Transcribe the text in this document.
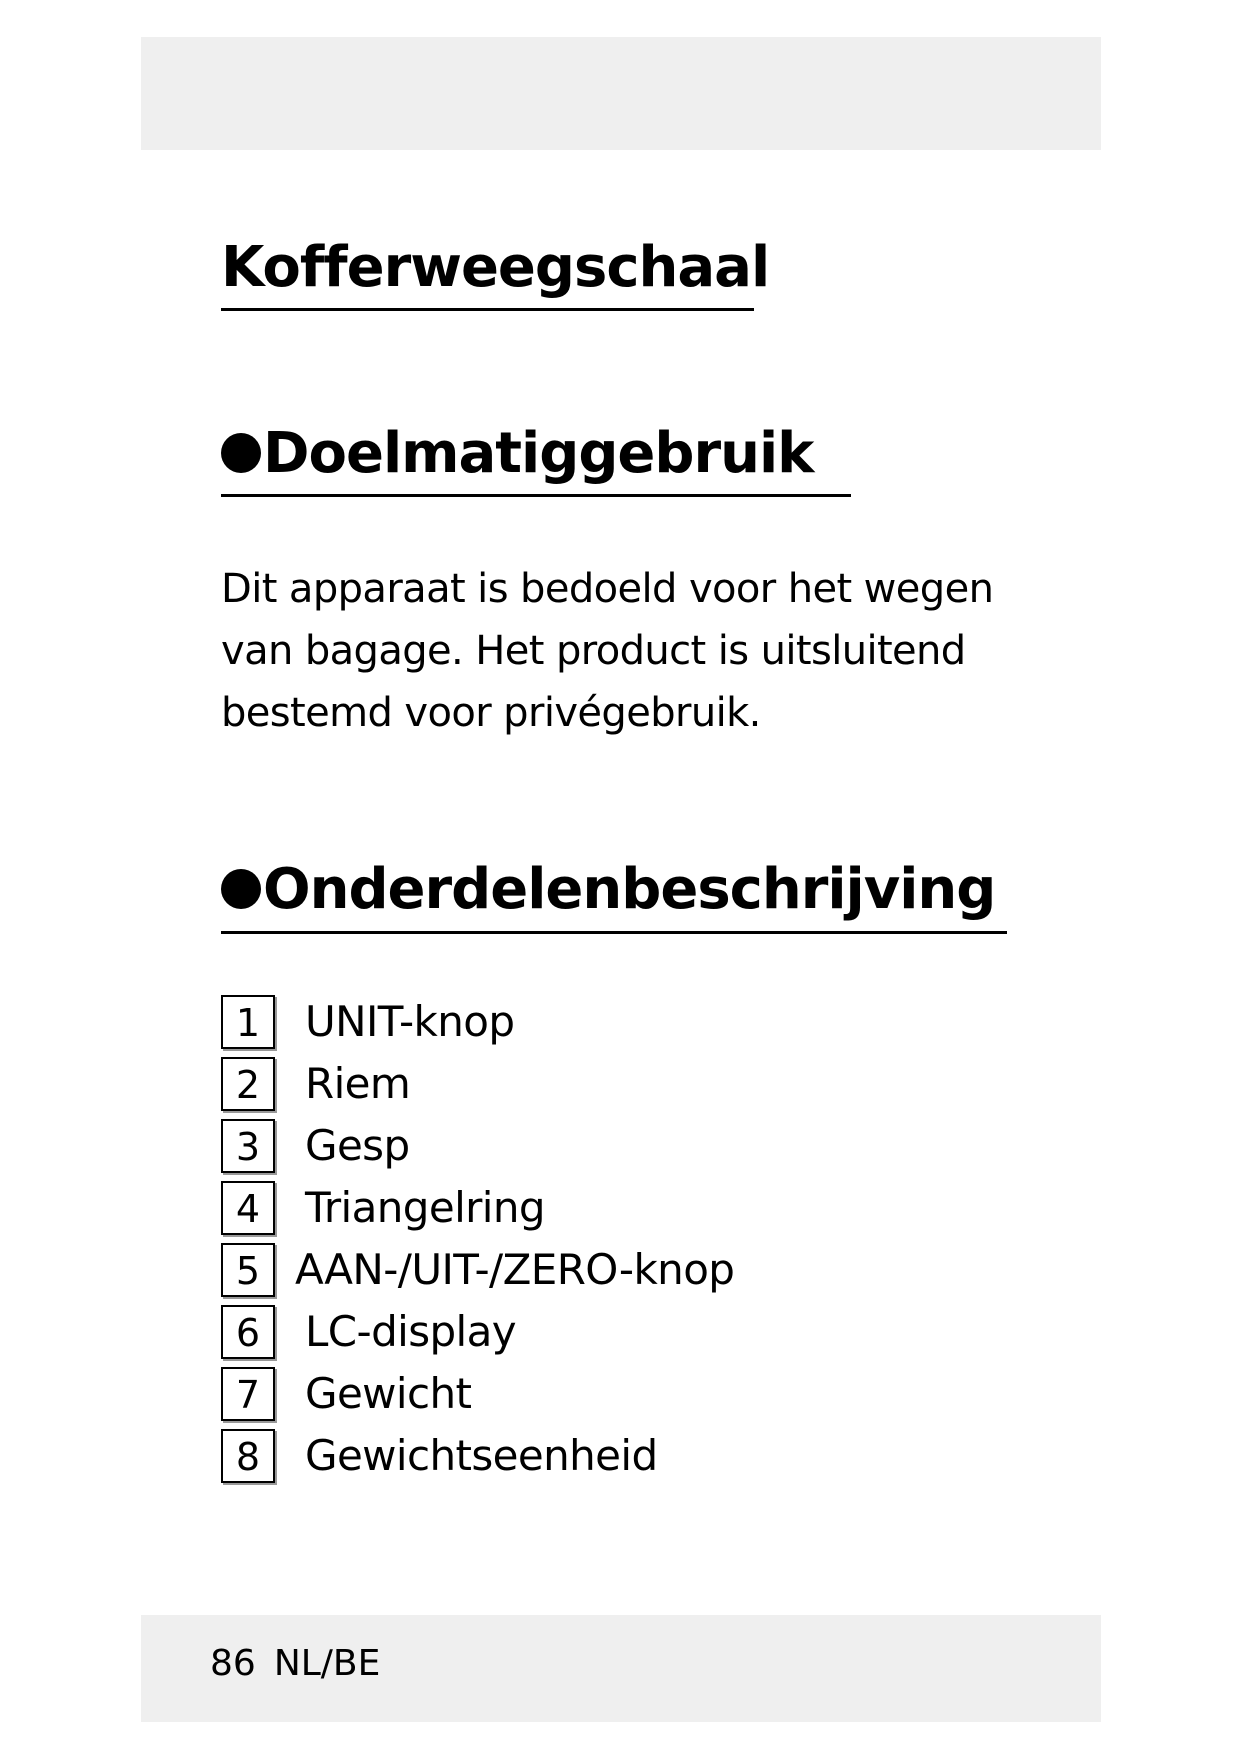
Kofferweegschaal
Doelmatiggebruik
Dit apparaat is bedoeld voor het wegen
van bagage. Het product is uitsluitend
bestemd voor privégebruik.
Onderdelenbeschrijving
1	UNIT-knop
2	Riem
3	Gesp
4	Triangelring
5 AAN-/UIT-/ZERO-knop
6	LC-display
7	Gewicht
8	Gewichtseenheid
86 NL/BE
